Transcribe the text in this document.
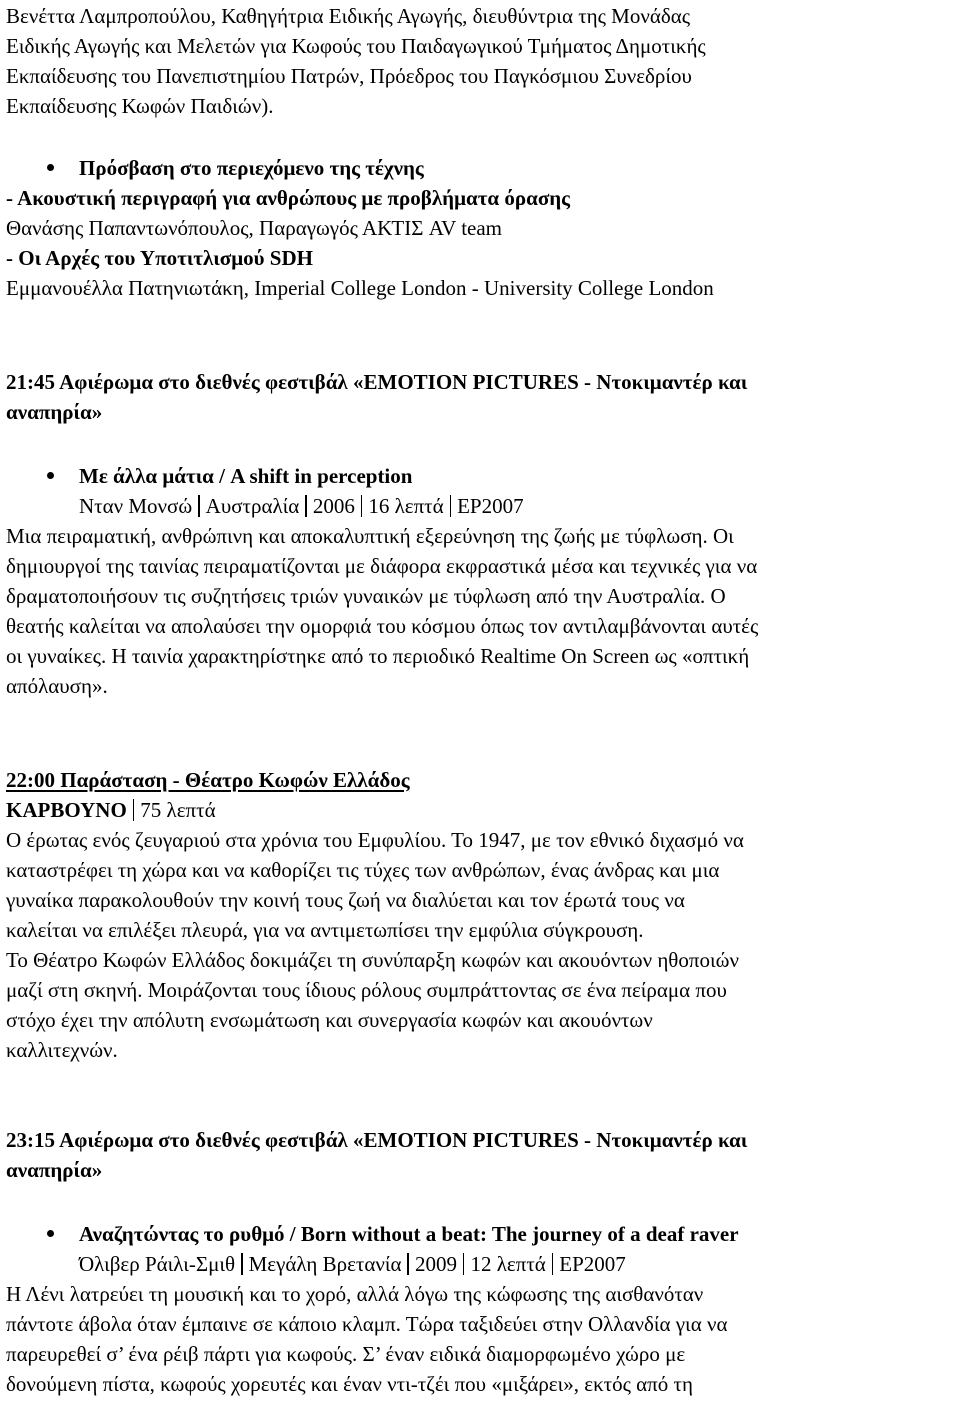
Βενέττα Λαμπροπούλου, Καθηγήτρια Ειδικής Αγωγής, διευθύντρια της Μονάδας
Ειδικής Αγωγής και Μελετών για Κωφούς του Παιδαγωγικού Τμήματος Δημοτικής
Εκπαίδευσης του Πανεπιστημίου Πατρών, Πρόεδρος του Παγκόσμιου Συνεδρίου
Εκπαίδευσης Κωφών Παιδιών).
Πρόσβαση στο περιεχόμενο της τέχνης
- Ακουστική περιγραφή για ανθρώπους με προβλήματα όρασης
Θανάσης Παπαντωνόπουλος, Παραγωγός ΑΚΤΙΣ AV team
- Οι Αρχές του Υποτιτλισμού SDH
Εμμανουέλλα Πατηνιωτάκη, Imperial College London - University College London
21:45 Αφιέρωμα στο διεθνές φεστιβάλ «EMOTION PICTURES - Ντοκιμαντέρ και
αναπηρία»
Με άλλα μάτια / A shift in perception
Νταν Μονσώ Αυστραλία 2006 16 λεπτά EP2007
Μια πειραματική, ανθρώπινη και αποκαλυπτική εξερεύνηση της ζωής με τύφλωση. Οι
δημιουργοί της ταινίας πειραματίζονται με διάφορα εκφραστικά μέσα και τεχνικές για να
δραματοποιήσουν τις συζητήσεις τριών γυναικών με τύφλωση από την Αυστραλία. Ο
θεατής καλείται να απολαύσει την ομορφιά του κόσμου όπως τον αντιλαμβάνονται αυτές
οι γυναίκες. Η ταινία χαρακτηρίστηκε από το περιοδικό Realtime On Screen ως «οπτική
απόλαυση».
22:00 Παράσταση - Θέατρο Κωφών Ελλάδος
ΚΑΡΒΟΥΝΟ 75 λεπτά
Ο έρωτας ενός ζευγαριού στα χρόνια του Εμφυλίου. Το 1947, με τον εθνικό διχασμό να
καταστρέφει τη χώρα και να καθορίζει τις τύχες των ανθρώπων, ένας άνδρας και μια
γυναίκα παρακολουθούν την κοινή τους ζωή να διαλύεται και τον έρωτά τους να
καλείται να επιλέξει πλευρά, για να αντιμετωπίσει την εμφύλια σύγκρουση.
Το Θέατρο Κωφών Ελλάδος δοκιμάζει τη συνύπαρξη κωφών και ακουόντων ηθοποιών
μαζί στη σκηνή. Μοιράζονται τους ίδιους ρόλους συμπράττοντας σε ένα πείραμα που
στόχο έχει την απόλυτη ενσωμάτωση και συνεργασία κωφών και ακουόντων
καλλιτεχνών.
23:15 Αφιέρωμα στο διεθνές φεστιβάλ «EMOTION PICTURES - Ντοκιμαντέρ και
αναπηρία»
Αναζητώντας το ρυθμό / Born without a beat: The journey of a deaf raver
Όλιβερ Ράιλι-Σμιθ Μεγάλη Βρετανία 2009 12 λεπτά EP2007
Η Λένι λατρεύει τη μουσική και το χορό, αλλά λόγω της κώφωσης της αισθανόταν
πάντοτε άβολα όταν έμπαινε σε κάποιο κλαμπ. Τώρα ταξιδεύει στην Ολλανδία για να
παρευρεθεί σ’ ένα ρέιβ πάρτι για κωφούς. Σ’ έναν ειδικά διαμορφωμένο χώρο με
δονούμενη πίστα, κωφούς χορευτές και έναν ντι-τζέι που «μιξάρει», εκτός από τη
